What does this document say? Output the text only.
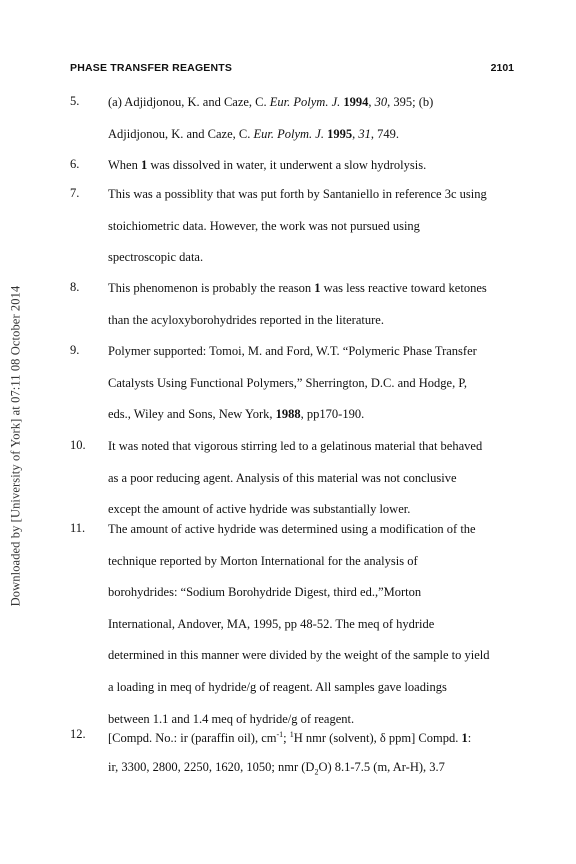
Downloaded by [University of York] at 07:11 08 October 2014
PHASE TRANSFER REAGENTS	2101
5. (a) Adjidjonou, K. and Caze, C. Eur. Polym. J. 1994, 30, 395; (b)
Adjidjonou, K. and Caze, C. Eur. Polym. J. 1995, 31, 749.
6. When 1 was dissolved in water, it underwent a slow hydrolysis.
7. This was a possiblity that was put forth by Santaniello in reference 3c using
stoichiometric data. However, the work was not pursued using
spectroscopic data.
8. This phenomenon is probably the reason 1 was less reactive toward ketones
than the acyloxyborohydrides reported in the literature.
9. Polymer supported: Tomoi, M. and Ford, W.T. “Polymeric Phase Transfer
Catalysts Using Functional Polymers,” Sherrington, D.C. and Hodge, P,
eds., Wiley and Sons, New York, 1988, pp170-190.
10. It was noted that vigorous stirring led to a gelatinous material that behaved
as a poor reducing agent. Analysis of this material was not conclusive
except the amount of active hydride was substantially lower.
11. The amount of active hydride was determined using a modification of the
technique reported by Morton International for the analysis of
borohydrides: “Sodium Borohydride Digest, third ed.,”Morton
International, Andover, MA, 1995, pp 48-52. The meq of hydride
determined in this manner were divided by the weight of the sample to yield
a loading in meq of hydride/g of reagent. All samples gave loadings
between 1.1 and 1.4 meq of hydride/g of reagent.
12. [Compd. No.: ir (paraffin oil), $cm^{-1}$; $^1$H nmr (solvent), δ ppm] Compd. 1:
ir, 3300, 2800, 2250, 1620, 1050; nmr $(D_2O)$ 8.1-7.5 (m, Ar-H), 3.7
